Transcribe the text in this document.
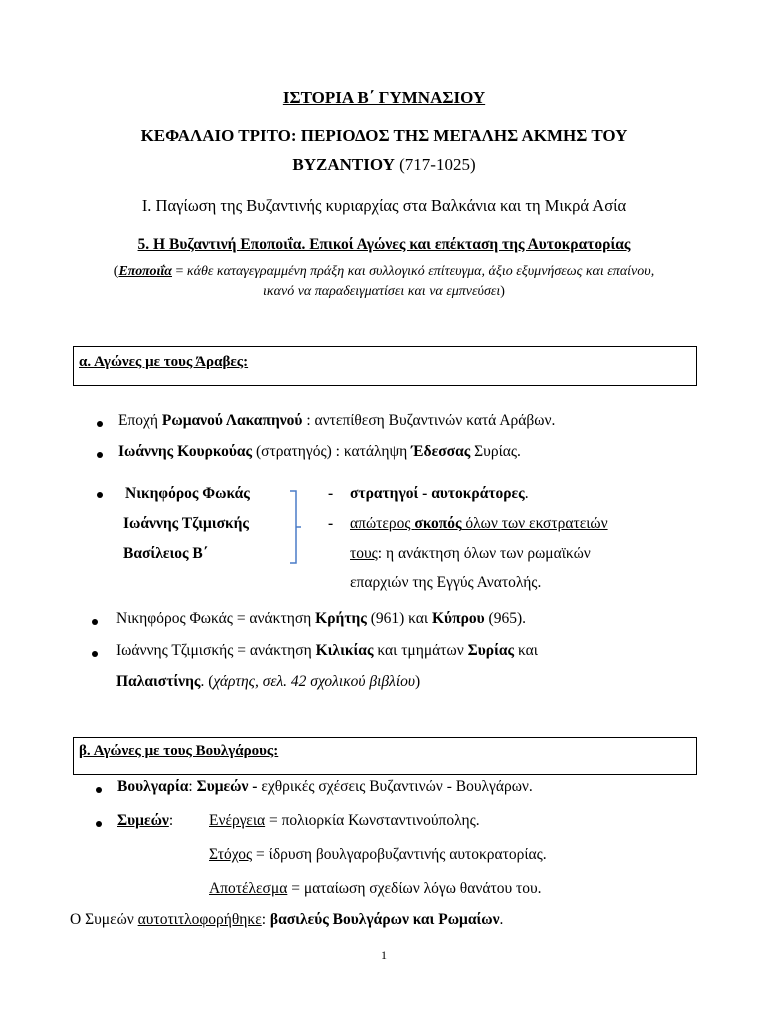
ΙΣΤΟΡΙΑ Β΄ ΓΥΜΝΑΣΙΟΥ
ΚΕΦΑΛΑΙΟ ΤΡΙΤΟ: ΠΕΡΙΟΔΟΣ ΤΗΣ ΜΕΓΑΛΗΣ ΑΚΜΗΣ ΤΟΥ
ΒΥΖΑΝΤΙΟΥ (717-1025)
Ι. Παγίωση της Βυζαντινής κυριαρχίας στα Βαλκάνια και τη Μικρά Ασία
5. Η Βυζαντινή Εποποιΐα. Επικοί Αγώνες και επέκταση της Αυτοκρατορίας
(Εποποιΐα = κάθε καταγεγραμμένη πράξη και συλλογικό επίτευγμα, άξιο εξυμνήσεως και επαίνου,
ικανό να παραδειγματίσει και να εμπνεύσει)
α. Αγώνες με τους Άραβες:
Εποχή Ρωμανού Λακαπηνού : αντεπίθεση Βυζαντινών κατά Αράβων.
Ιωάννης Κουρκούας (στρατηγός) : κατάληψη Έδεσσας Συρίας.
Νικηφόρος Φωκάς
Ιωάννης Τζιμισκής
Βασίλειος Β΄
- στρατηγοί - αυτοκράτορες.
- απώτερος σκοπός όλων των εκστρατειών
τους: η ανάκτηση όλων των ρωμαϊκών
επαρχιών της Εγγύς Ανατολής.
Νικηφόρος Φωκάς = ανάκτηση Κρήτης (961) και Κύπρου (965).
Ιωάννης Τζιμισκής = ανάκτηση Κιλικίας και τμημάτων Συρίας και
Παλαιστίνης. (χάρτης, σελ. 42 σχολικού βιβλίου)
β. Αγώνες με τους Βουλγάρους:
Βουλγαρία: Συμεών - εχθρικές σχέσεις Βυζαντινών - Βουλγάρων.
Συμεών: Ενέργεια = πολιορκία Κωνσταντινούπολης.
Στόχος = ίδρυση βουλγαροβυζαντινής αυτοκρατορίας.
Αποτέλεσμα = ματαίωση σχεδίων λόγω θανάτου του.
Ο Συμεών αυτοτιτλοφορήθηκε: βασιλεύς Βουλγάρων και Ρωμαίων.
1
